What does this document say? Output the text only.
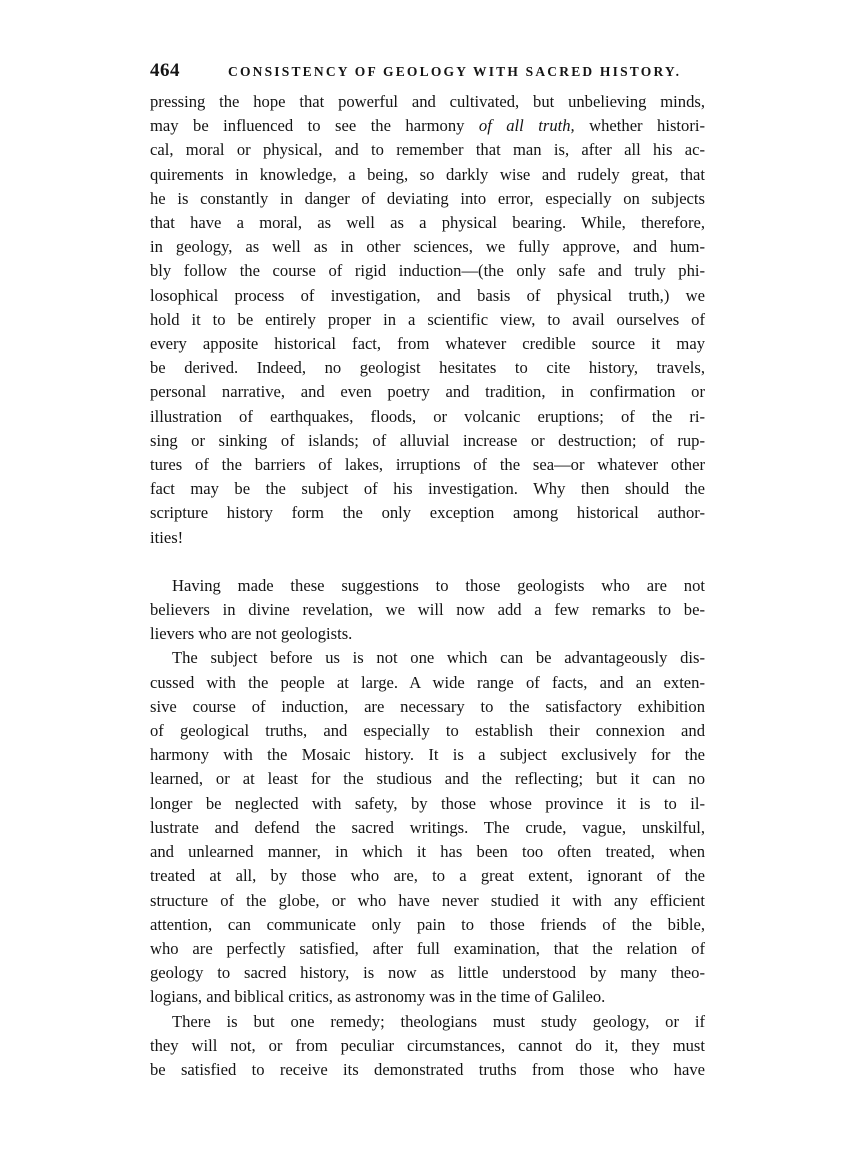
464	CONSISTENCY OF GEOLOGY WITH SACRED HISTORY.

pressing the hope that powerful and cultivated, but unbelieving minds,
may be influenced to see the harmony of all truth, whether histori-
cal, moral or physical, and to remember that man is, after all his ac-
quirements in knowledge, a being, so darkly wise and rudely great, that
he is constantly in danger of deviating into error, especially on subjects
that have a moral, as well as a physical bearing. While, therefore,
in geology, as well as in other sciences, we fully approve, and hum-
bly follow the course of rigid induction—(the only safe and truly phi-
losophical process of investigation, and basis of physical truth,) we
hold it to be entirely proper in a scientific view, to avail ourselves of
every apposite historical fact, from whatever credible source it may
be derived. Indeed, no geologist hesitates to cite history, travels,
personal narrative, and even poetry and tradition, in confirmation or
illustration of earthquakes, floods, or volcanic eruptions; of the ri-
sing or sinking of islands; of alluvial increase or destruction; of rup-
tures of the barriers of lakes, irruptions of the sea—or whatever other
fact may be the subject of his investigation. Why then should the
scripture history form the only exception among historical author-
ities!

Having made these suggestions to those geologists who are not
believers in divine revelation, we will now add a few remarks to be-
lievers who are not geologists.

The subject before us is not one which can be advantageously dis-
cussed with the people at large. A wide range of facts, and an exten-
sive course of induction, are necessary to the satisfactory exhibition
of geological truths, and especially to establish their connexion and
harmony with the Mosaic history. It is a subject exclusively for the
learned, or at least for the studious and the reflecting; but it can no
longer be neglected with safety, by those whose province it is to il-
lustrate and defend the sacred writings. The crude, vague, unskilful,
and unlearned manner, in which it has been too often treated, when
treated at all, by those who are, to a great extent, ignorant of the
structure of the globe, or who have never studied it with any efficient
attention, can communicate only pain to those friends of the bible,
who are perfectly satisfied, after full examination, that the relation of
geology to sacred history, is now as little understood by many theo-
logians, and biblical critics, as astronomy was in the time of Galileo.

There is but one remedy; theologians must study geology, or if
they will not, or from peculiar circumstances, cannot do it, they must
be satisfied to receive its demonstrated truths from those who have
